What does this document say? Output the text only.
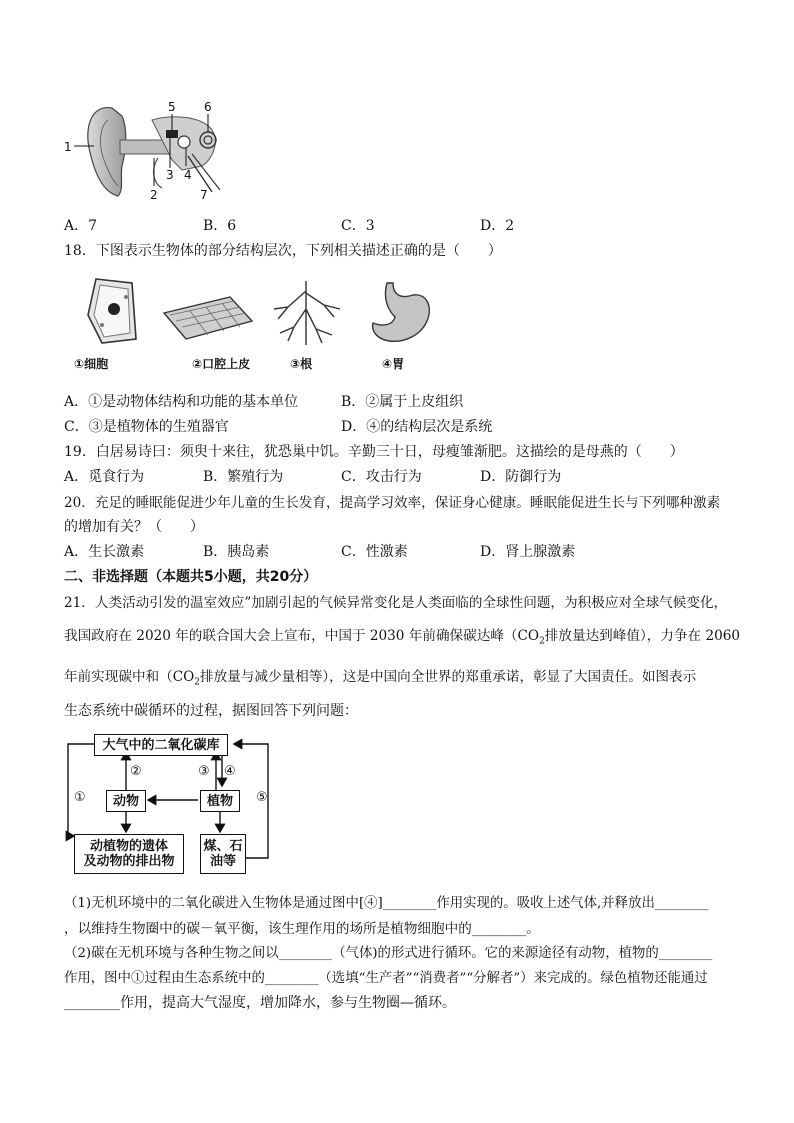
1
2
3 4
5 6
7
A．7	B．6	C．3	D．2
18．下图表示生物体的部分结构层次，下列相关描述正确的是（　　）
①细胞	②口腔上皮	③根	④胃
A．①是动物体结构和功能的基本单位	B．②属于上皮组织
C．③是植物体的生殖器官	D．④的结构层次是系统
19．白居易诗曰：须臾十来往，犹恐巢中饥。辛勤三十日，母瘦雏渐肥。这描绘的是母燕的（　　）
A．觅食行为	B．繁殖行为	C．攻击行为	D．防御行为
20．充足的睡眠能促进少年儿童的生长发育，提高学习效率，保证身心健康。睡眠能促进生长与下列哪种激素
的增加有关？（　　）
A．生长激素	B．胰岛素	C．性激素	D．肾上腺激素
二、非选择题（本题共5小题，共20分）
21．人类活动引发的温室效应”加剧引起的气候异常变化是人类面临的全球性问题，为积极应对全球气候变化，
我国政府在 2020 年的联合国大会上宣布，中国于 2030 年前确保碳达峰（$CO_2$排放量达到峰值），力争在 2060
年前实现碳中和（$CO_2$排放量与减少量相等），这是中国向全世界的郑重承诺，彰显了大国责任。如图表示
生态系统中碳循环的过程，据图回答下列问题：
大气中的二氧化碳库
动物	植物
动植物的遗体
及动物的排出物
煤、石
油等
①
②	③ ④
⑤
（1)无机环境中的二氧化碳进入生物体是通过图中[④]________作用实现的。吸收上述气体,并释放出________
，以维持生物圈中的碳－氧平衡，该生理作用的场所是植物细胞中的________。
（2)碳在无机环境与各种生物之间以________（气体)的形式进行循环。它的来源途径有动物，植物的________
作用，图中①过程由生态系统中的________（选填“生产者”“消费者”“分解者”）来完成的。绿色植物还能通过
________作用，提高大气湿度，增加降水，参与生物圈—循环。
